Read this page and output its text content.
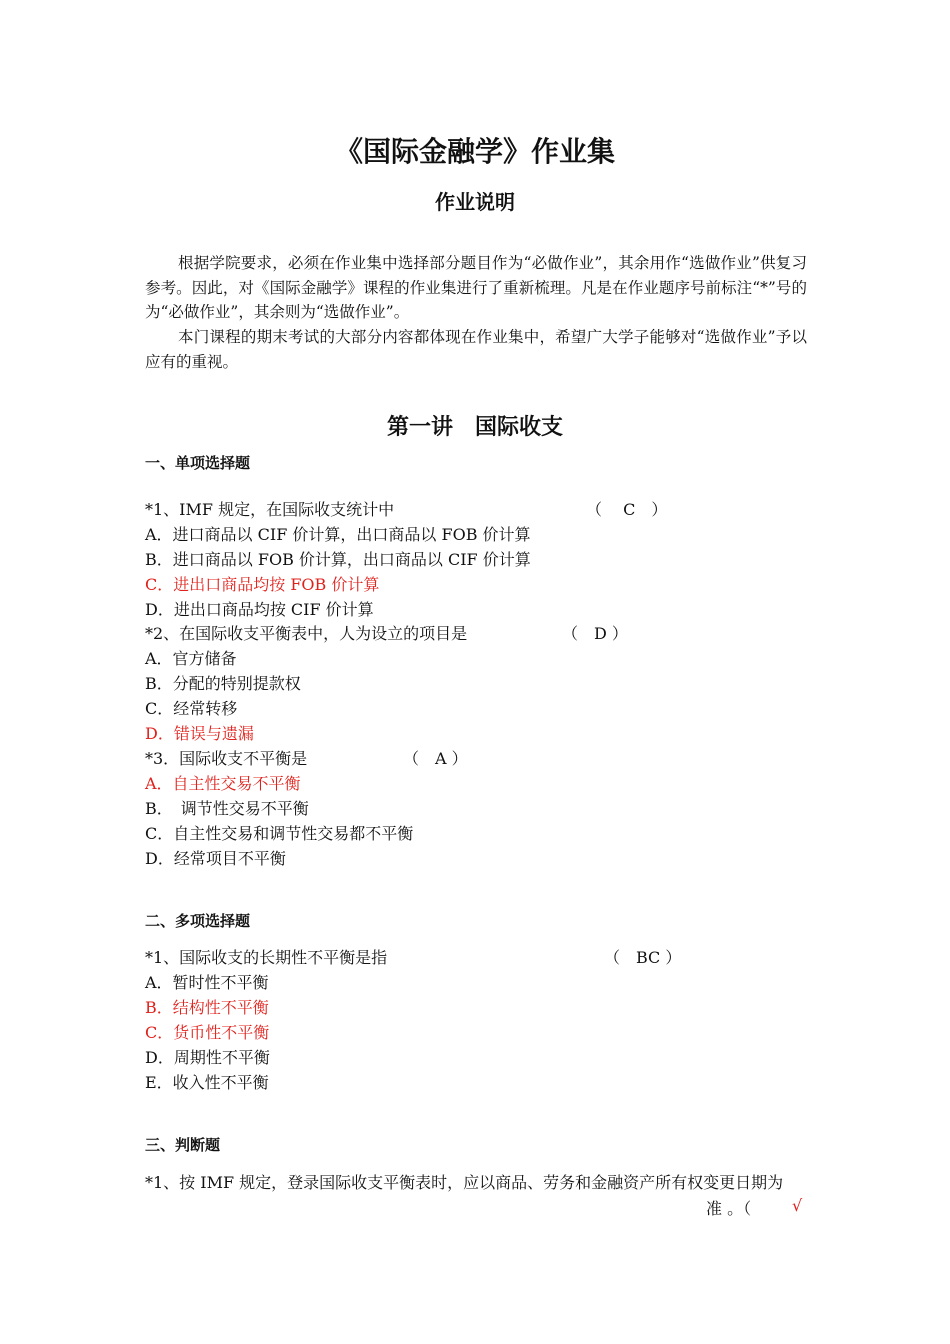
《国际金融学》作业集
作业说明
根据学院要求，必须在作业集中选择部分题目作为“必做作业”，其余用作“选做作业”供复习参考。因此，对《国际金融学》课程的作业集进行了重新梳理。凡是在作业题序号前标注“*”号的为“必做作业”，其余则为“选做作业”。
本门课程的期末考试的大部分内容都体现在作业集中，希望广大学子能够对“选做作业”予以应有的重视。
第一讲　国际收支
一、单项选择题
*1、IMF 规定，在国际收支统计中	（　 C　）
A．进口商品以 CIF 价计算，出口商品以 FOB 价计算
B．进口商品以 FOB 价计算，出口商品以 CIF 价计算
C．进出口商品均按 FOB 价计算
D．进出口商品均按 CIF 价计算
*2、在国际收支平衡表中，人为设立的项目是	（　D ）
A．官方储备
B．分配的特别提款权
C．经常转移
D．错误与遗漏
*3．国际收支不平衡是	（　A ）
A．自主性交易不平衡
B．　调节性交易不平衡
C．自主性交易和调节性交易都不平衡
D．经常项目不平衡
二、多项选择题
*1、国际收支的长期性不平衡是指	（　BC ）
A．暂时性不平衡
B．结构性不平衡
C．货币性不平衡
D．周期性不平衡
E．收入性不平衡
三、判断题
*1、按 IMF 规定，登录国际收支平衡表时，应以商品、劳务和金融资产所有权变更日期为
准 。（	√
